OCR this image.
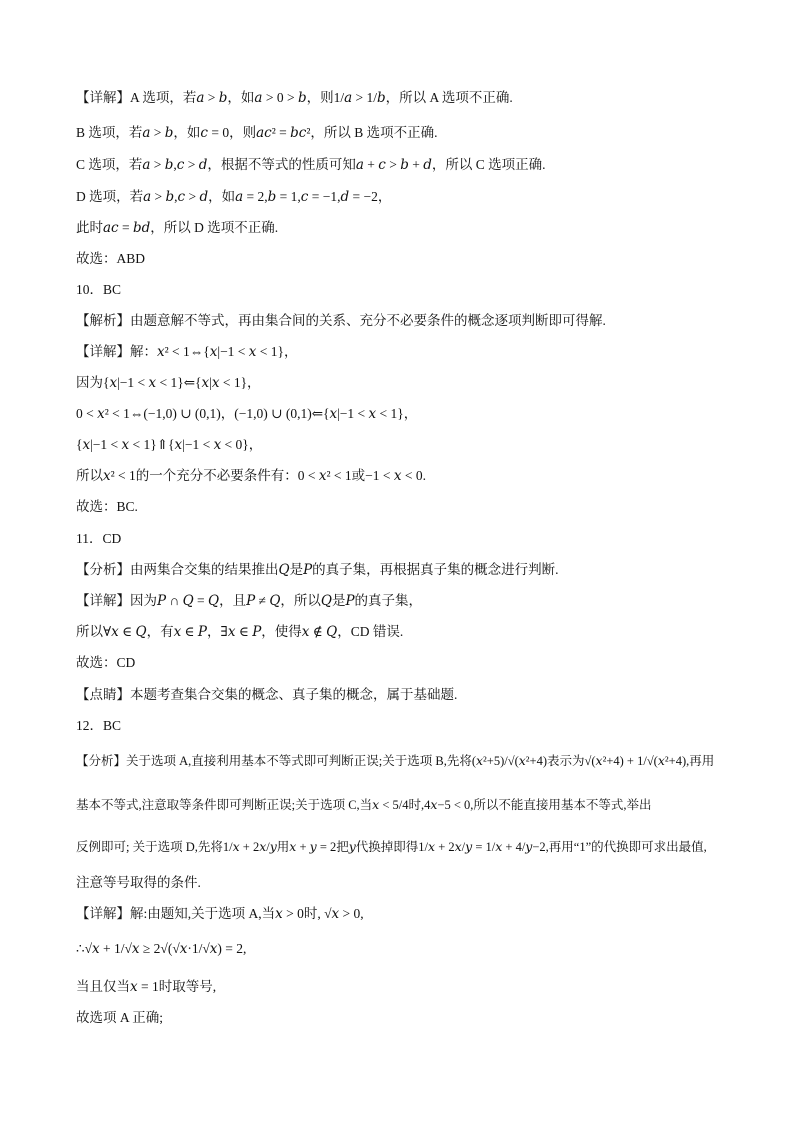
【详解】A 选项，若𝑎 > 𝑏，如𝑎 > 0 > 𝑏，则1/𝑎 > 1/𝑏，所以 A 选项不正确.
B 选项，若𝑎 > 𝑏，如𝑐 = 0，则𝑎𝑐² = 𝑏𝑐²，所以 B 选项不正确.
C 选项，若𝑎 > 𝑏,𝑐 > 𝑑，根据不等式的性质可知𝑎 + 𝑐 > 𝑏 + 𝑑，所以 C 选项正确.
D 选项，若𝑎 > 𝑏,𝑐 > 𝑑，如𝑎 = 2,𝑏 = 1,𝑐 = −1,𝑑 = −2，
此时𝑎𝑐 = 𝑏𝑑，所以 D 选项不正确.
故选：ABD
10．BC
【解析】由题意解不等式，再由集合间的关系、充分不必要条件的概念逐项判断即可得解.
【详解】解：𝑥² < 1⇔{𝑥|−1 < 𝑥 < 1}，
因为{𝑥|−1 < 𝑥 < 1}⇐{𝑥|𝑥 < 1}，
0 < 𝑥² < 1⇔(−1,0) ∪ (0,1)，(−1,0) ∪ (0,1)⇐{𝑥|−1 < 𝑥 < 1}，
{𝑥|−1 < 𝑥 < 1}⇑{𝑥|−1 < 𝑥 < 0}，
所以𝑥² < 1的一个充分不必要条件有：0 < 𝑥² < 1或−1 < 𝑥 < 0.
故选：BC.
11．CD
【分析】由两集合交集的结果推出𝑄是𝑃的真子集，再根据真子集的概念进行判断.
【详解】因为𝑃 ∩ 𝑄 = 𝑄，且𝑃 ≠ 𝑄，所以𝑄是𝑃的真子集，
所以∀𝑥 ∈ 𝑄，有𝑥 ∈ 𝑃，∃𝑥 ∈ 𝑃，使得𝑥 ∉ 𝑄，CD 错误.
故选：CD
【点睛】本题考查集合交集的概念、真子集的概念，属于基础题.
12．BC
【分析】关于选项 A,直接利用基本不等式即可判断正误;关于选项 B,先将(𝑥²+5)/√(𝑥²+4)表示为√(𝑥²+4) + 1/√(𝑥²+4),再用
基本不等式,注意取等条件即可判断正误;关于选项 C,当𝑥 < 5/4时,4𝑥−5 < 0,所以不能直接用基本不等式,举出
反例即可; 关于选项 D,先将1/𝑥 + 2𝑥/𝑦用𝑥 + 𝑦 = 2把𝑦代换掉即得1/𝑥 + 2𝑥/𝑦 = 1/𝑥 + 4/𝑦−2,再用“1”的代换即可求出最值,
注意等号取得的条件.
【详解】解:由题知,关于选项 A,当𝑥 > 0时, √𝑥 > 0,
∴√𝑥 + 1/√𝑥 ≥ 2√(√𝑥·1/√𝑥) = 2,
当且仅当𝑥 = 1时取等号,
故选项 A 正确;
